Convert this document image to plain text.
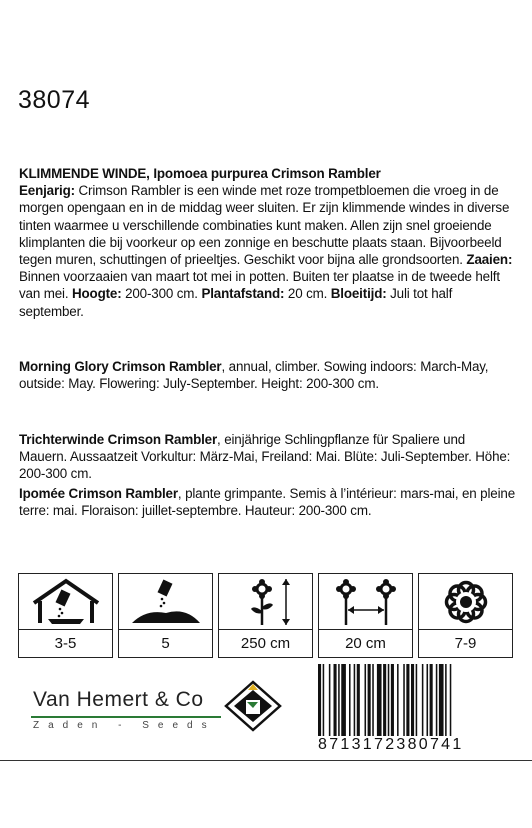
38074

KLIMMENDE WINDE, Ipomoea purpurea Crimson Rambler
Eenjarig: Crimson Rambler is een winde met roze trompetbloemen die vroeg in de morgen opengaan en in de middag weer sluiten. Er zijn klimmende windes in diverse tinten waarmee u verschillende combinaties kunt maken. Allen zijn snel groeiende klimplanten die bij voorkeur op een zonnige en beschutte plaats staan. Bijvoorbeeld tegen muren, schuttingen of prieeltjes. Geschikt voor bijna alle grondsoorten. Zaaien: Binnen voorzaaien van maart tot mei in potten. Buiten ter plaatse in de tweede helft van mei. Hoogte: 200-300 cm. Plantafstand: 20 cm. Bloeitijd: Juli tot half september.

Morning Glory Crimson Rambler, annual, climber. Sowing indoors: March-May, outside: May. Flowering: July-September. Height: 200-300 cm.

Trichterwinde Crimson Rambler, einjährige Schlingpflanze für Spaliere und Mauern. Aussaatzeit Vorkultur: März-Mai, Freiland: Mai. Blüte: Juli-September. Höhe: 200-300 cm.

Ipomée Crimson Rambler, plante grimpante. Semis à l’intérieur: mars-mai, en pleine terre: mai. Floraison: juillet-septembre. Hauteur: 200-300 cm.

3-5	5	250 cm	20 cm	7-9
Van Hemert & Co
Zaden - Seeds
8713172380741
